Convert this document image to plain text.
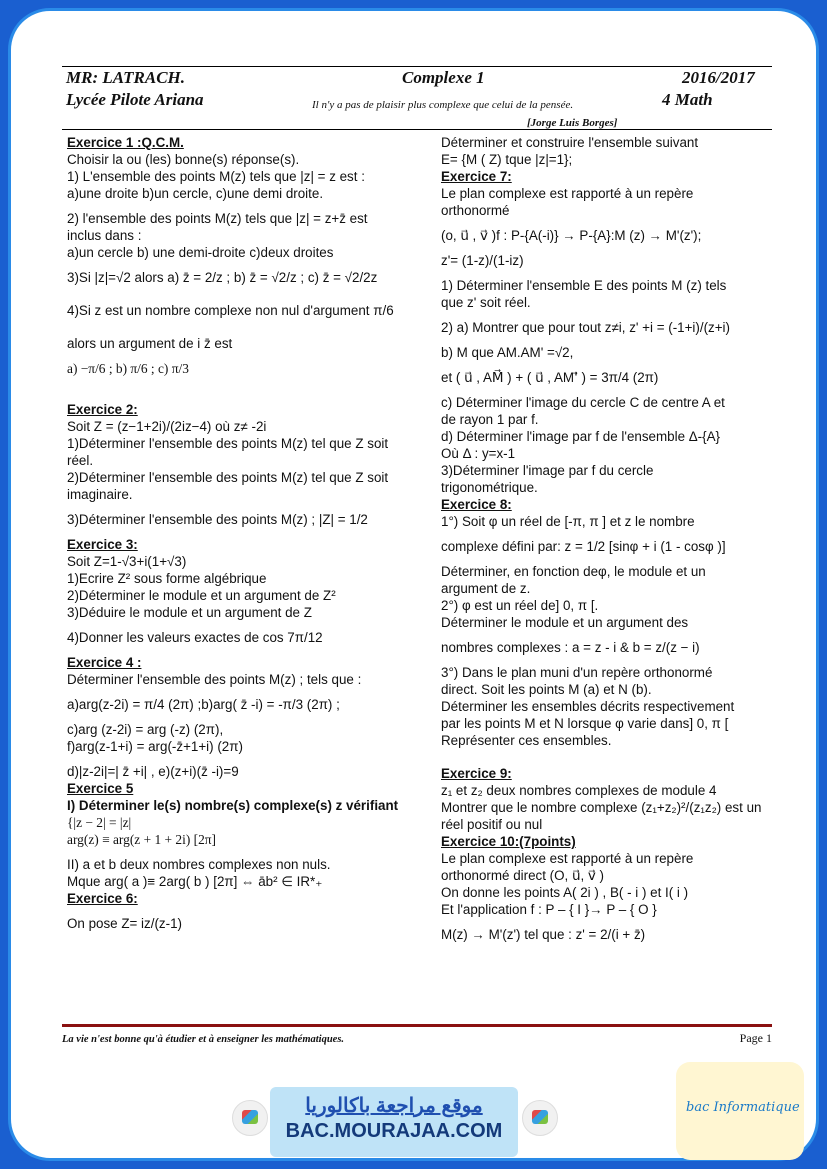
MR: LATRACH.	Complexe 1	2016/2017
Lycée Pilote Ariana	Il n'y a pas de plaisir plus complexe que celui de la pensée.	4 Math
[Jorge Luis Borges]

Exercice 1 :Q.C.M.

Choisir la ou (les) bonne(s) réponse(s).

1) L'ensemble des points M(z) tels que |z| = z est :

a)une droite b)un cercle, c)une demi droite.

2) l'ensemble des points M(z) tels que |z| = z+z̄ est

inclus dans :

a)un cercle b) une demi-droite c)deux droites

3)Si |z|=√2 alors a) z̄ = 2/z ; b) z̄ = √2/z ; c) z̄ = √2/2z

4)Si z est un nombre complexe non nul d'argument π/6

alors un argument de i z̄ est

a) −π/6 ; b) π/6 ; c) π/3

Exercice 2:

Soit Z = (z−1+2i)/(2iz−4) où z≠ -2i

1)Déterminer l'ensemble des points M(z) tel que Z soit

réel.

2)Déterminer l'ensemble des points M(z) tel que Z soit

imaginaire.

3)Déterminer l'ensemble des points M(z) ; |Z| = 1/2

Exercice 3:

Soit Z=1-√3+i(1+√3)

1)Ecrire Z² sous forme algébrique

2)Déterminer le module et un argument de Z²

3)Déduire le module et un argument de Z

4)Donner les valeurs exactes de cos 7π/12

Exercice 4 :

Déterminer l'ensemble des points M(z) ; tels que :

a)arg(z-2i) = π/4 (2π) ;b)arg( z̄ -i) = -π/3 (2π) ;

c)arg (z-2i) = arg (-z) (2π),

f)arg(z-1+i) = arg(-z̄+1+i) (2π)

d)|z-2i|=| z̄ +i| , e)(z+i)(z̄ -i)=9

Exercice 5

I) Déterminer le(s) nombre(s) complexe(s) z vérifiant

{|z − 2| = |z|

arg(z) ≡ arg(z + 1 + 2i) [2π]

II) a et b deux nombres complexes non nuls.

Mque arg( a )≡ 2arg( b ) [2π] ⇔ āb² ∈ IR*₊

Exercice 6:

On pose Z= iz/(z-1)

Déterminer et construire l'ensemble suivant

E= {M ( Z) tque |z|=1};

Exercice 7:

Le plan complexe est rapporté à un repère

orthonormé

(o, u⃗ , v⃗ )f : P-{A(-i)} → P-{A}:M (z) → M'(z');

z'= (1-z)/(1-iz)

1) Déterminer l'ensemble E des points M (z) tels

que z' soit réel.

2) a) Montrer que pour tout z≠i, z' +i = (-1+i)/(z+i)

b) M que AM.AM' =√2,

et ( u⃗ , AM⃗ ) + ( u⃗ , AM'⃗ ) = 3π/4 (2π)

c) Déterminer l'image du cercle C de centre A et

de rayon 1 par f.

d) Déterminer l'image par f de l'ensemble Δ-{A}

Où Δ : y=x-1

3)Déterminer l'image par f du cercle

trigonométrique.

Exercice 8:

1°) Soit φ un réel de [-π, π ] et z le nombre

complexe défini par: z = 1/2 [sinφ + i (1 - cosφ )]

Déterminer, en fonction deφ, le module et un

argument de z.

2°) φ est un réel de] 0, π [.

Déterminer le module et un argument des

nombres complexes : a = z - i & b = z/(z − i)

3°) Dans le plan muni d'un repère orthonormé

direct. Soit les points M (a) et N (b).

Déterminer les ensembles décrits respectivement

par les points M et N lorsque φ varie dans] 0, π [

Représenter ces ensembles.

Exercice 9:

z₁ et z₂ deux nombres complexes de module 4

Montrer que le nombre complexe (z₁+z₂)²/(z₁z₂) est un

réel positif ou nul

Exercice 10:(7points)

Le plan complexe est rapporté à un repère

orthonormé direct (O, u⃗, v⃗ )

On donne les points A( 2i ) , B( - i ) et I( i )

Et l'application f : P – { I }→ P – { O }

M(z) → M'(z') tel que : z' = 2/(i + z̄)

La vie n'est bonne qu'à étudier et à enseigner les mathématiques.	Page 1
موقع مراجعة باكالوريا
BAC.MOURAJAA.COM
bac Informatique
